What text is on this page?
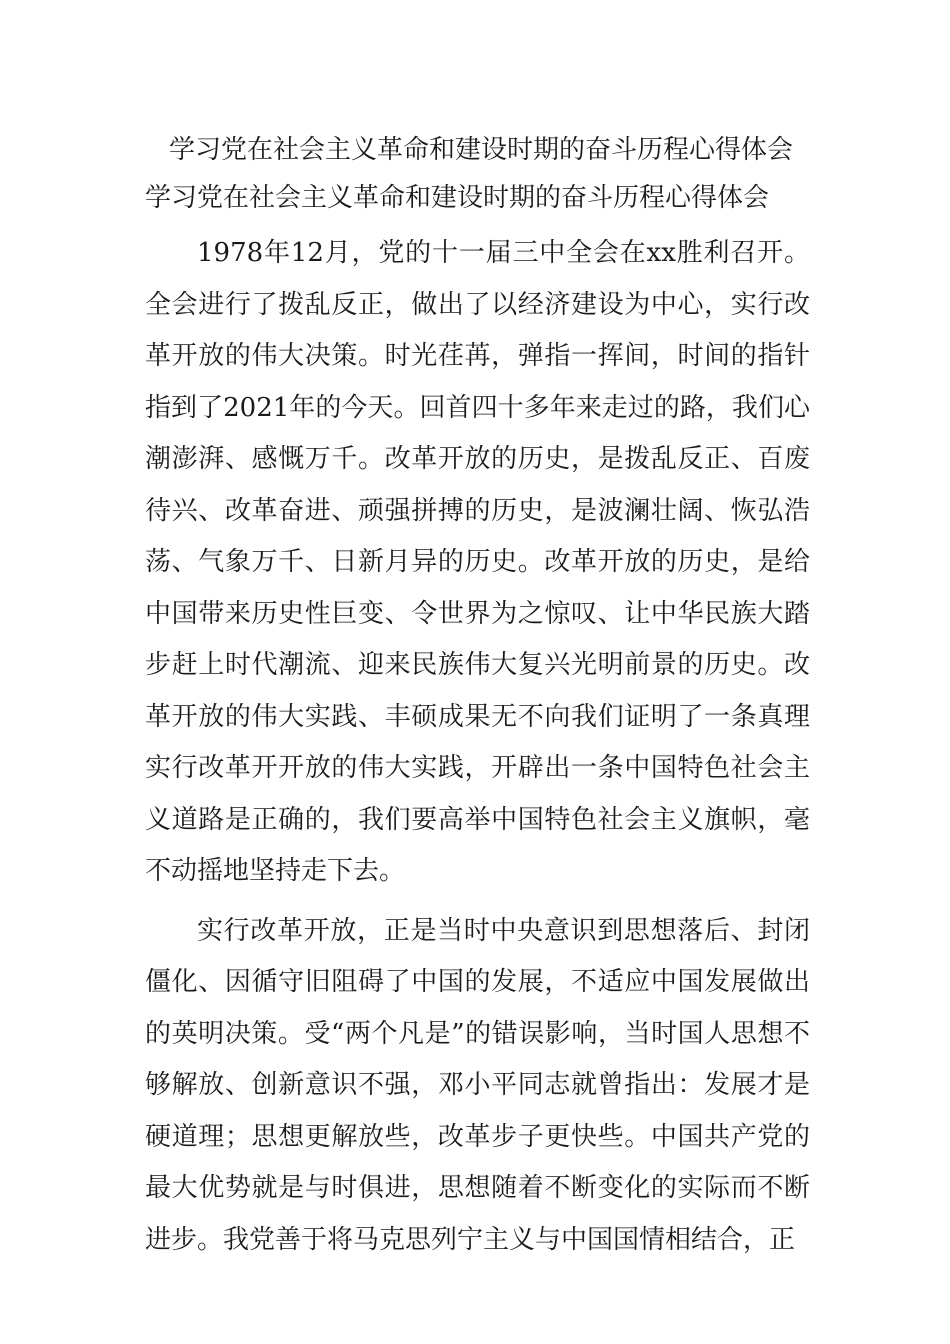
学习党在社会主义革命和建设时期的奋斗历程心得体会

学习党在社会主义革命和建设时期的奋斗历程心得体会

1978年12月，党的十一届三中全会在xx胜利召开。全会进行了拨乱反正，做出了以经济建设为中心，实行改革开放的伟大决策。时光荏苒，弹指一挥间，时间的指针指到了2021年的今天。回首四十多年来走过的路，我们心潮澎湃、感慨万千。改革开放的历史，是拨乱反正、百废待兴、改革奋进、顽强拼搏的历史，是波澜壮阔、恢弘浩荡、气象万千、日新月异的历史。改革开放的历史，是给中国带来历史性巨变、令世界为之惊叹、让中华民族大踏步赶上时代潮流、迎来民族伟大复兴光明前景的历史。改革开放的伟大实践、丰硕成果无不向我们证明了一条真理实行改革开开放的伟大实践，开辟出一条中国特色社会主义道路是正确的，我们要高举中国特色社会主义旗帜，毫不动摇地坚持走下去。

实行改革开放，正是当时中央意识到思想落后、封闭僵化、因循守旧阻碍了中国的发展，不适应中国发展做出的英明决策。受“两个凡是”的错误影响，当时国人思想不够解放、创新意识不强，邓小平同志就曾指出：发展才是硬道理；思想更解放些，改革步子更快些。中国共产党的最大优势就是与时俱进，思想随着不断变化的实际而不断进步。我党善于将马克思列宁主义与中国国情相结合，正
